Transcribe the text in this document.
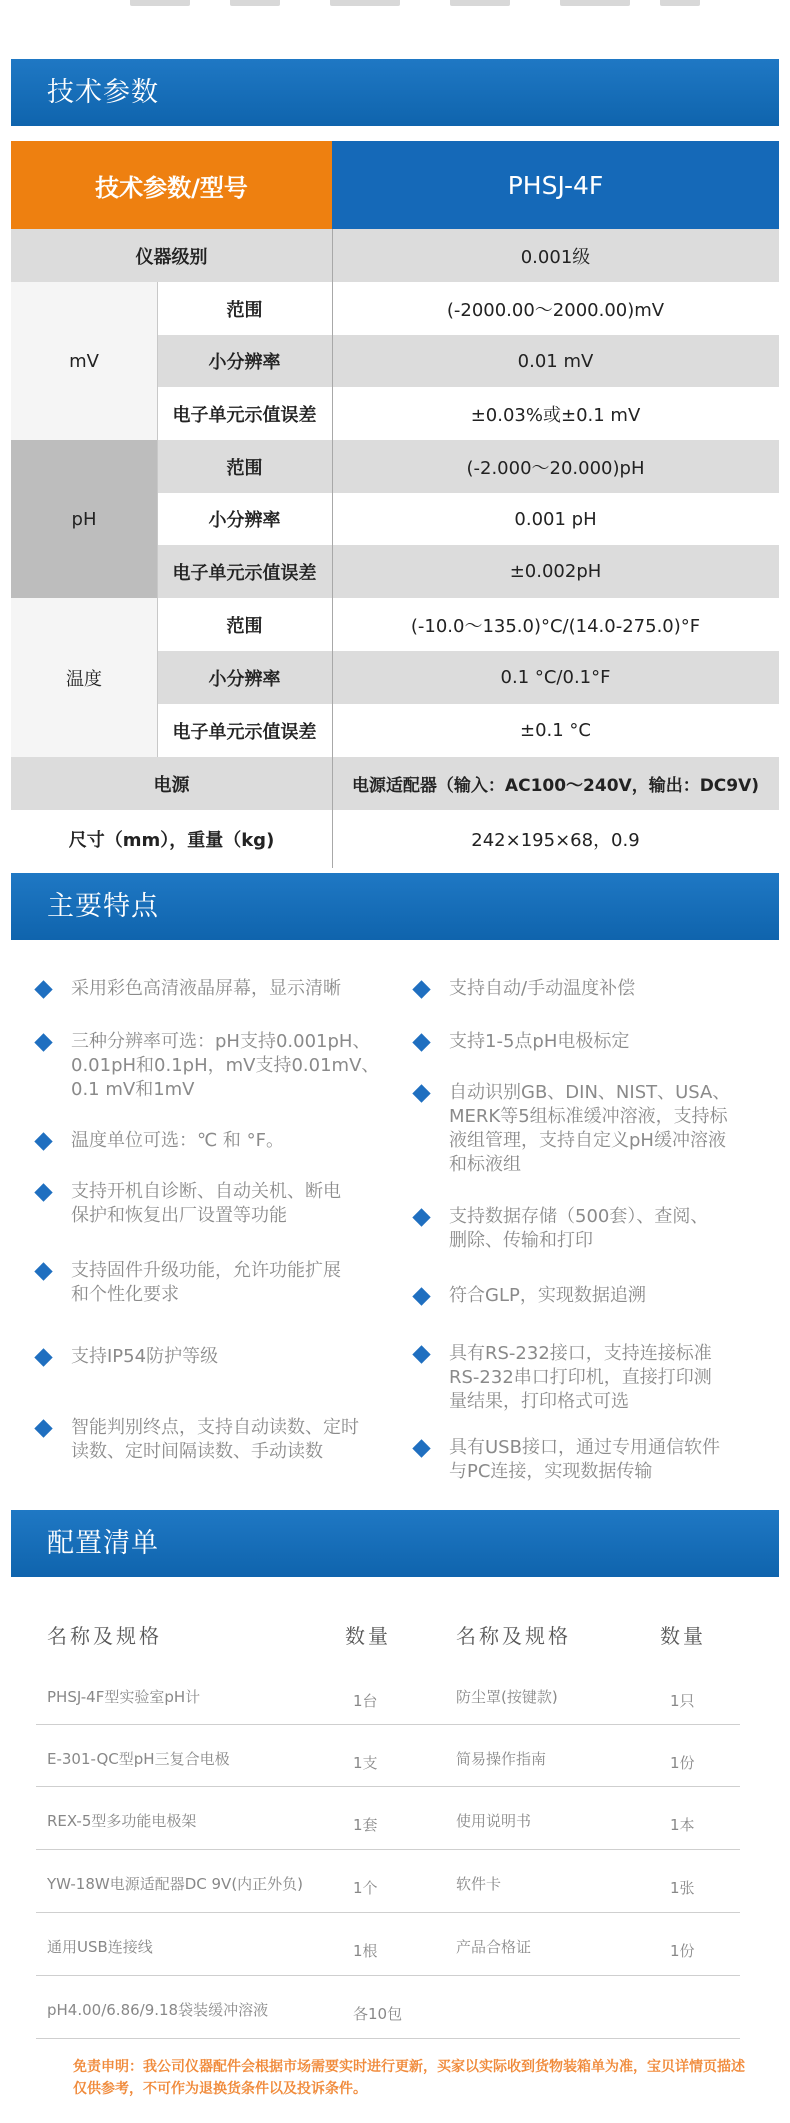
技术参数
技术参数/型号	PHSJ-4F
仪器级别	0.001级
mV
范围	(-2000.00～2000.00)mV
小分辨率	0.01 mV
电子单元示值误差	±0.03%或±0.1 mV
pH
范围	(-2.000～20.000)pH
小分辨率	0.001 pH
电子单元示值误差	±0.002pH
温度
范围	(-10.0～135.0)°C/(14.0-275.0)°F
小分辨率	0.1 °C/0.1°F
电子单元示值误差	±0.1 °C
电源	电源适配器（输入：AC100～240V，输出：DC9V)
尺寸（mm），重量（kg)	242×195×68，0.9
主要特点
采用彩色高清液晶屏幕，显示清晰
三种分辨率可选：pH支持0.001pH、
0.01pH和0.1pH，mV支持0.01mV、
0.1 mV和1mV
温度单位可选：℃ 和 °F。
支持开机自诊断、自动关机、断电
保护和恢复出厂设置等功能
支持固件升级功能，允许功能扩展
和个性化要求
支持IP54防护等级
智能判别终点，支持自动读数、定时
读数、定时间隔读数、手动读数
支持自动/手动温度补偿
支持1-5点pH电极标定
自动识别GB、DIN、NIST、USA、
MERK等5组标准缓冲溶液，支持标
液组管理，支持自定义pH缓冲溶液
和标液组
支持数据存储（500套）、查阅、
删除、传输和打印
符合GLP，实现数据追溯
具有RS-232接口，支持连接标准
RS-232串口打印机，直接打印测
量结果，打印格式可选
具有USB接口，通过专用通信软件
与PC连接，实现数据传输
配置清单
名称及规格	数量	名称及规格	数量
PHSJ-4F型实验室pH计	1台	防尘罩(按键款)	1只
E-301-QC型pH三复合电极	1支	简易操作指南	1份
REX-5型多功能电极架	1套	使用说明书	1本
YW-18W电源适配器DC 9V(内正外负)	1个	软件卡	1张
通用USB连接线	1根	产品合格证	1份
pH4.00/6.86/9.18袋装缓冲溶液	各10包
免责申明：我公司仪器配件会根据市场需要实时进行更新，买家以实际收到货物装箱单为准，宝贝详情页描述仅供参考，不可作为退换货条件以及投诉条件。
